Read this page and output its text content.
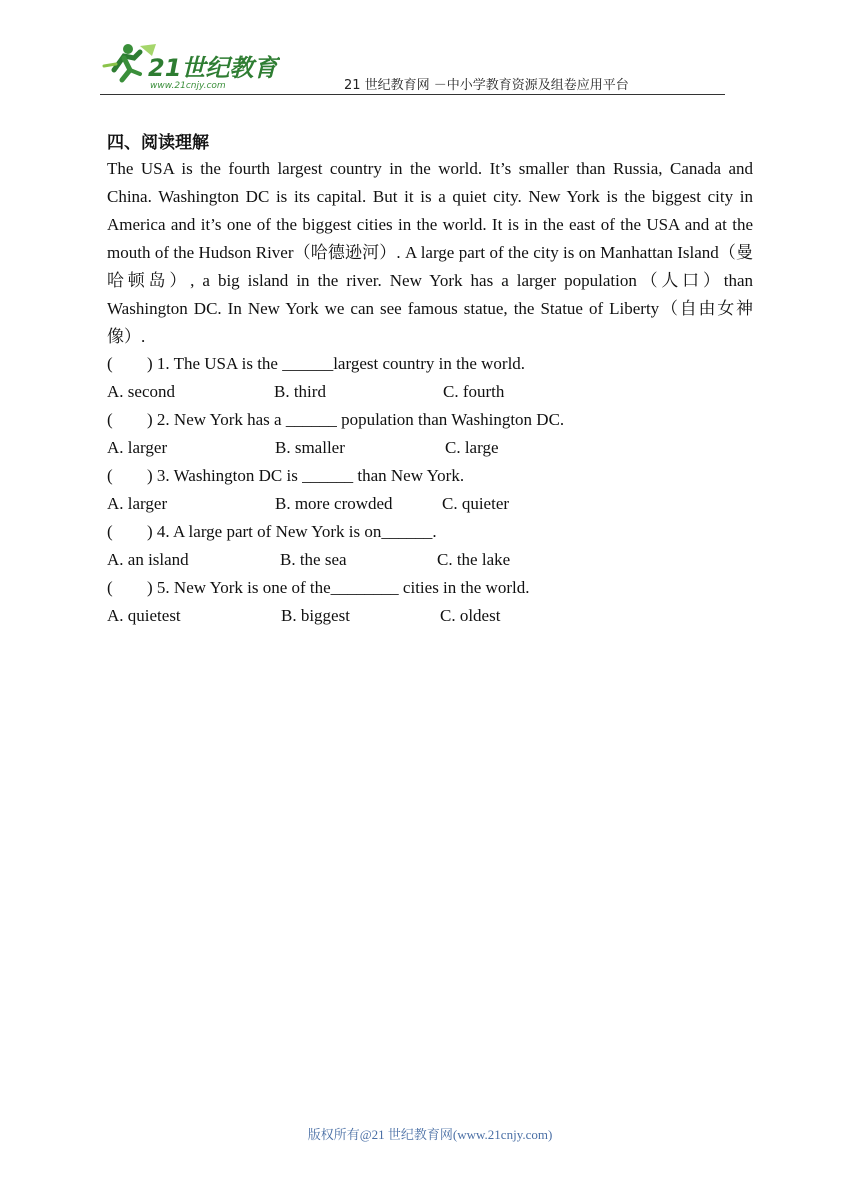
21世纪教育
www.21cnjy.com	21 世纪教育网 －中小学教育资源及组卷应用平台
四、阅读理解

The USA is the fourth largest country in the world. It’s smaller than Russia, Canada and China. Washington DC is its capital. But it is a quiet city. New York is the biggest city in America and it’s one of the biggest cities in the world. It is in the east of the USA and at the mouth of the Hudson River（哈德逊河）. A large part of the city is on Manhattan Island（曼哈顿岛）, a big island in the river. New York has a larger population（人口）than Washington DC. In New York we can see famous statue, the Statue of Liberty（自由女神像）.

( ) 1. The USA is the ______largest country in the world.
A. second	B. third	C. fourth
( ) 2. New York has a ______ population than Washington DC.
A. larger	B. smaller	C. large
( ) 3. Washington DC is ______ than New York.
A. larger	B. more crowded	C. quieter
( ) 4. A large part of New York is on______.
A. an island	B. the sea	C. the lake
( ) 5. New York is one of the________ cities in the world.
A. quietest	B. biggest	C. oldest
版权所有@21 世纪教育网(www.21cnjy.com)
